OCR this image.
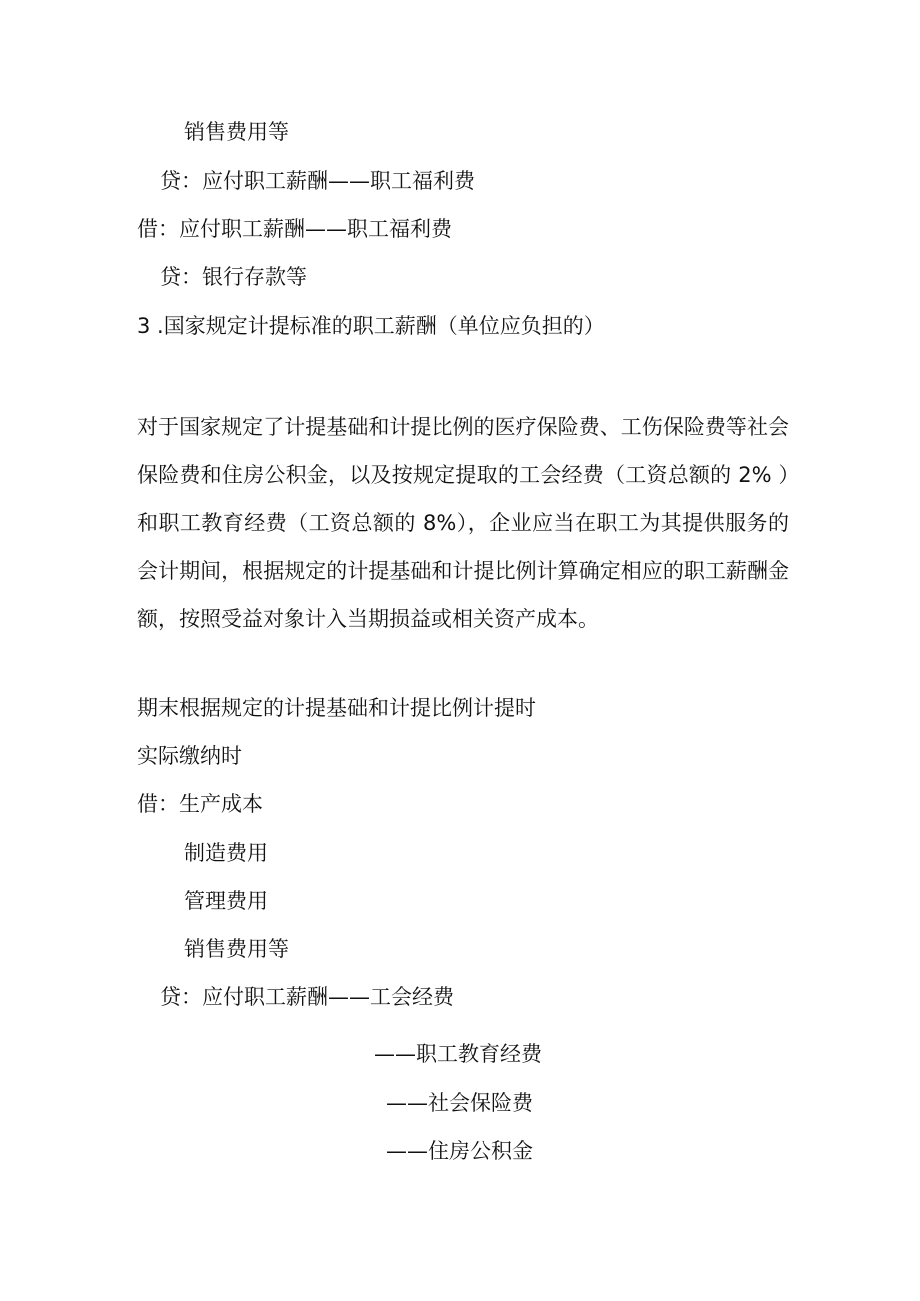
销售费用等

贷：应付职工薪酬——职工福利费

借：应付职工薪酬——职工福利费

贷：银行存款等

3 .国家规定计提标准的职工薪酬（单位应负担的）

对于国家规定了计提基础和计提比例的医疗保险费、工伤保险费等社会保险费和住房公积金，以及按规定提取的工会经费（工资总额的 2% ）和职工教育经费（工资总额的 8%），企业应当在职工为其提供服务的会计期间，根据规定的计提基础和计提比例计算确定相应的职工薪酬金额，按照受益对象计入当期损益或相关资产成本。

期末根据规定的计提基础和计提比例计提时

实际缴纳时

借：生产成本

制造费用

管理费用

销售费用等

贷：应付职工薪酬——工会经费

——职工教育经费

——社会保险费

——住房公积金
